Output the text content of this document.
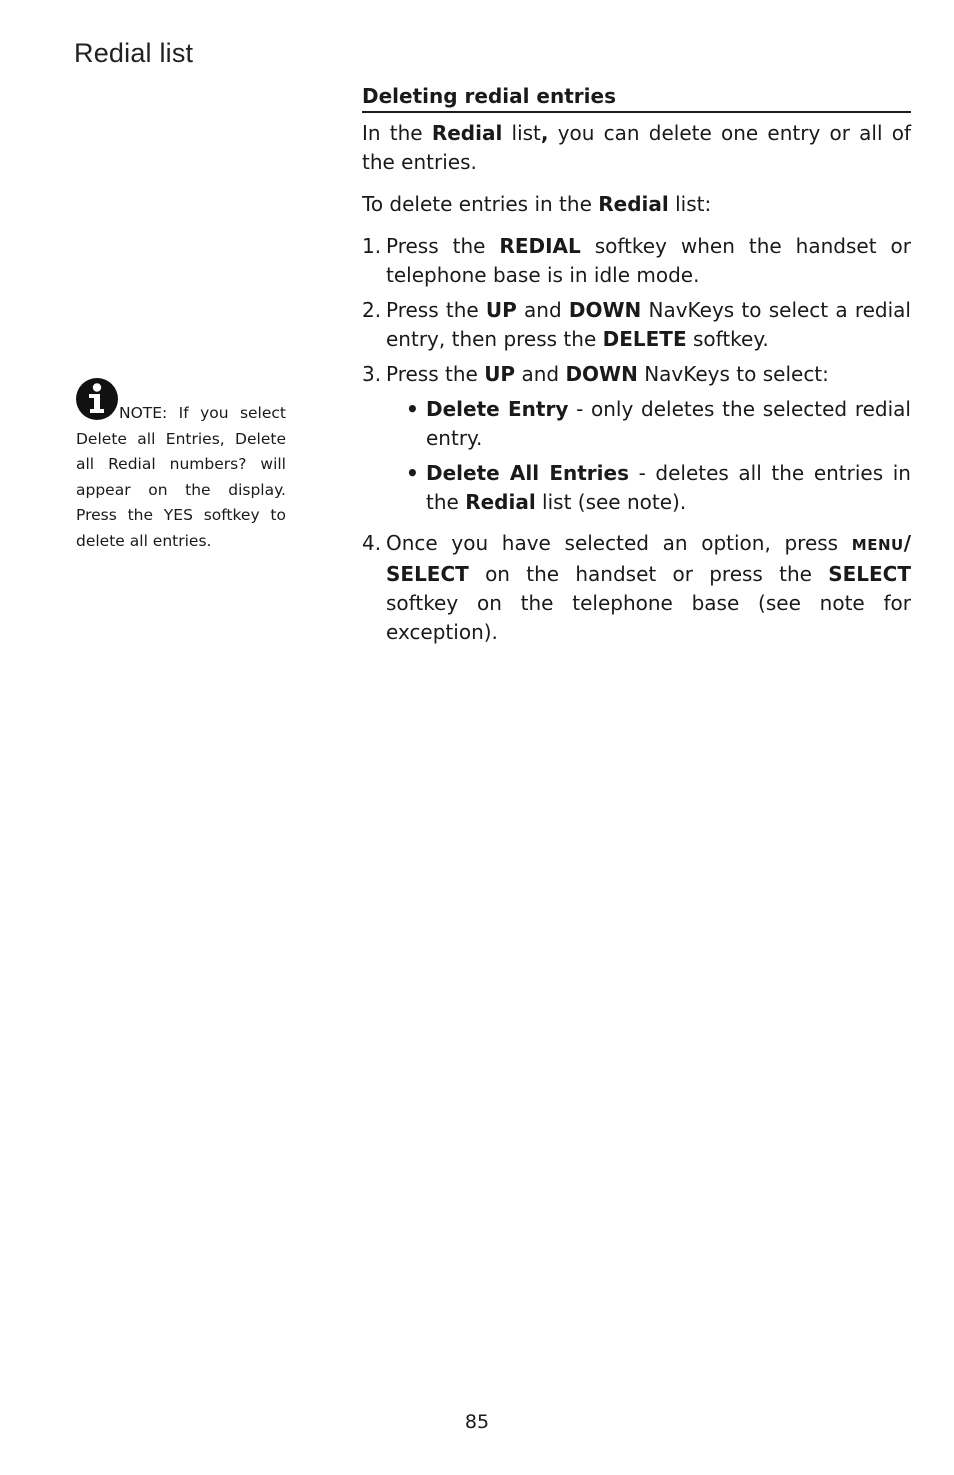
Redial list
NOTE: If you select Delete all Entries, Delete all Redial numbers? will appear on the display. Press the YES softkey to delete all entries.
Deleting redial entries

In the Redial list, you can delete one entry or all of the entries.

To delete entries in the Redial list:

1. Press the REDIAL softkey when the handset or telephone base is in idle mode.
2. Press the UP and DOWN NavKeys to select a redial entry, then press the DELETE softkey.
3. Press the UP and DOWN NavKeys to select:
• Delete Entry - only deletes the selected redial entry.
• Delete All Entries - deletes all the entries in the Redial list (see note).
4. Once you have selected an option, press MENU/ SELECT on the handset or press the SELECT softkey on the telephone base (see note for exception).
85
